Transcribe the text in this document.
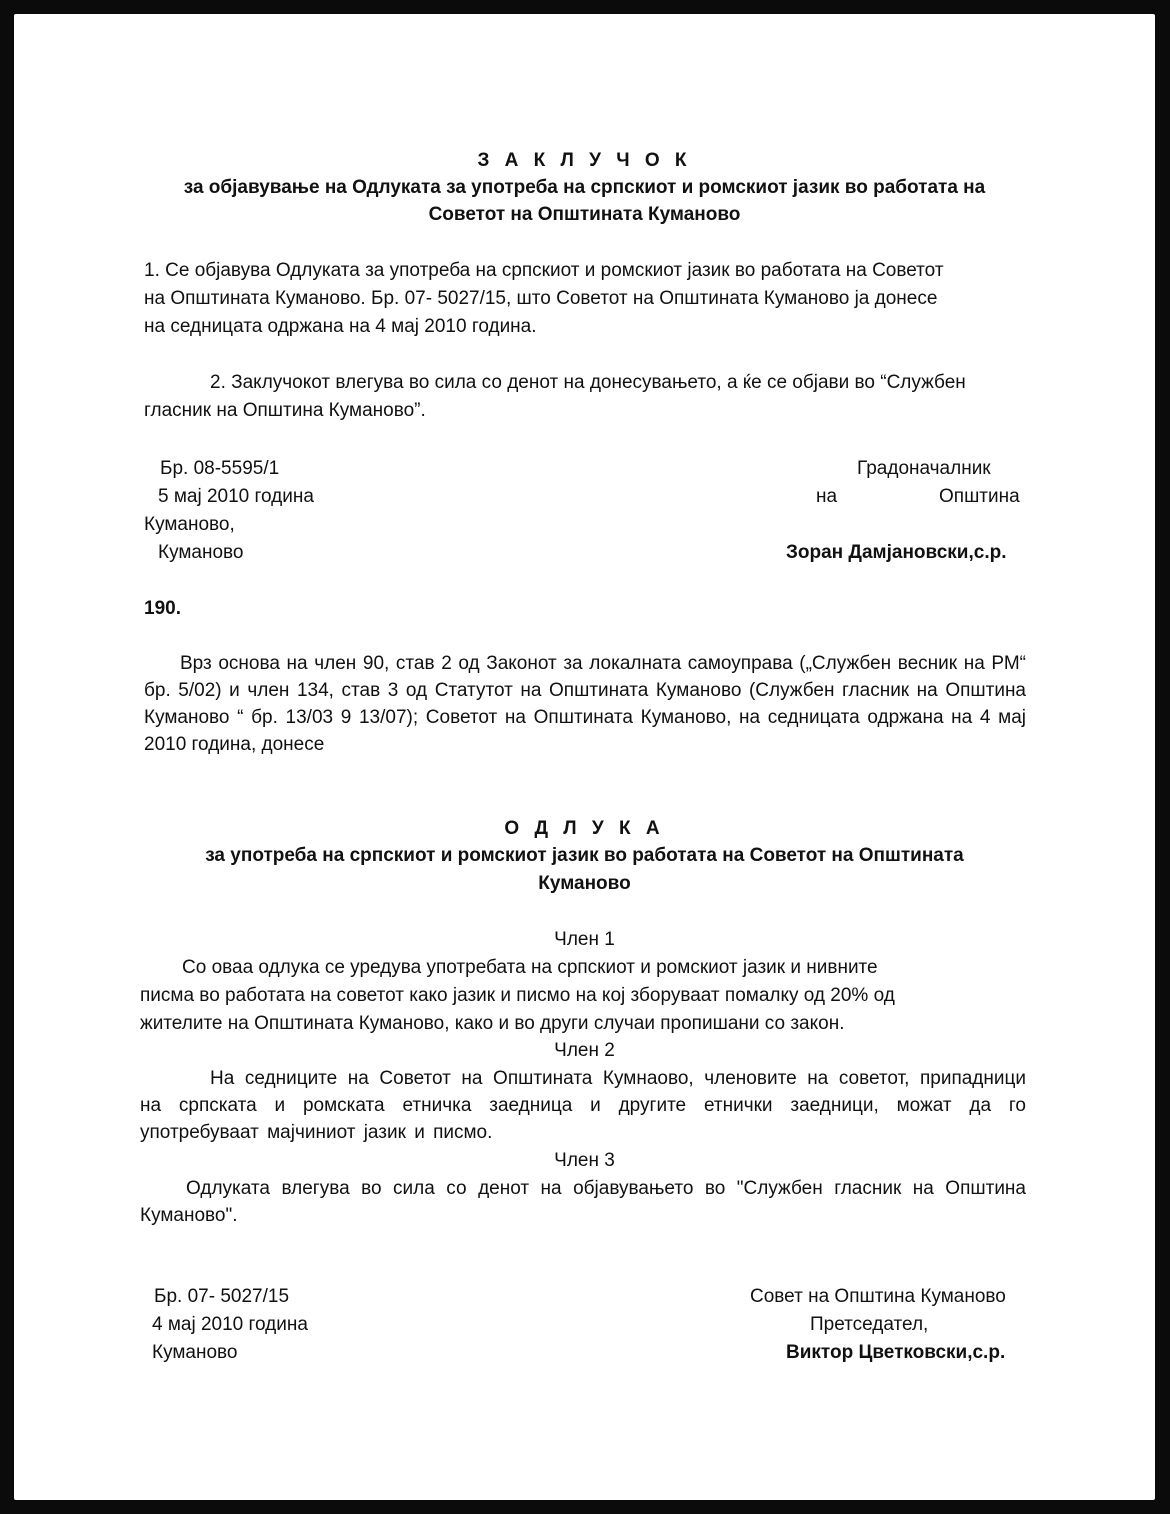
З А К Л У Ч О К
за објавување на Одлуката за употреба на српскиот и ромскиот јазик во работата на
Советот на Општината Куманово
1. Се објавува Одлуката за употреба на српскиот и ромскиот јазик во работата на Советот
на Општината Куманово. Бр. 07- 5027/15, што Советот на Општината Куманово ја донесе
на седницата одржана на 4 мај 2010 година.
2. Заклучокот влегува во сила со денот на донесувањето, а ќе се објави во “Службен
гласник на Општина Куманово”.
Бр. 08-5595/1
5 мај 2010 година
Куманово,
Куманово
Градоначалник
на	Општина
Зоран Дамјановски,с.р.
190.
Врз основа на член 90, став 2 од Законот за локалната самоуправа („Службен весник на РМ“ бр. 5/02) и член 134, став 3 од Статутот на Општината Куманово (Службен гласник на Општина Куманово “ бр. 13/03 9 13/07); Советот на Општината Куманово, на седницата одржана на 4 мај 2010 година, донесе
О Д Л У К А
за употреба на српскиот и ромскиот јазик во работата на Советот на Општината
Куманово
Член 1
Со оваа одлука се уредува употребата на српскиот и ромскиот јазик и нивните
писма во работата на советот како јазик и писмо на кој зборуваат помалку од 20% од
жителите на Општината Куманово, како и во други случаи пропишани со закон.
Член 2
На седниците на Советот на Општината Кумнаово, членовите на советот, припадници на српската и ромската етничка заедница и другите етнички заедници, можат да го употребуваат мајчиниот јазик и писмо.
Член 3
Одлуката влегува во сила со денот на објавувањето во "Службен гласник на Општина Куманово".
Бр. 07- 5027/15
4 мај 2010 година
Куманово
Совет на Општина Куманово
Претседател,
Виктор Цветковски,с.р.
